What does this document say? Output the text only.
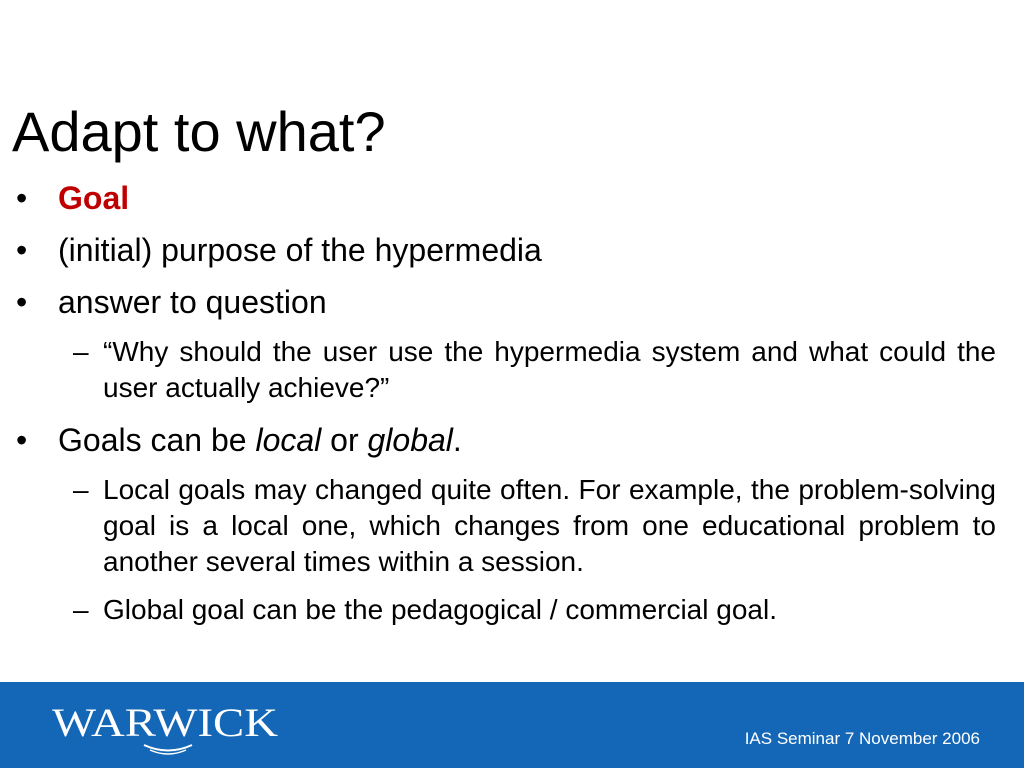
Adapt to what?
• Goal
• (initial) purpose of the hypermedia
• answer to question
– “Why should the user use the hypermedia system and what could the user actually achieve?”
• Goals can be local or global.
– Local goals may changed quite often. For example, the problem-solving goal is a local one, which changes from one educational problem to another several times within a session.
– Global goal can be the pedagogical / commercial goal.
WARWICK	IAS Seminar 7 November 2006
